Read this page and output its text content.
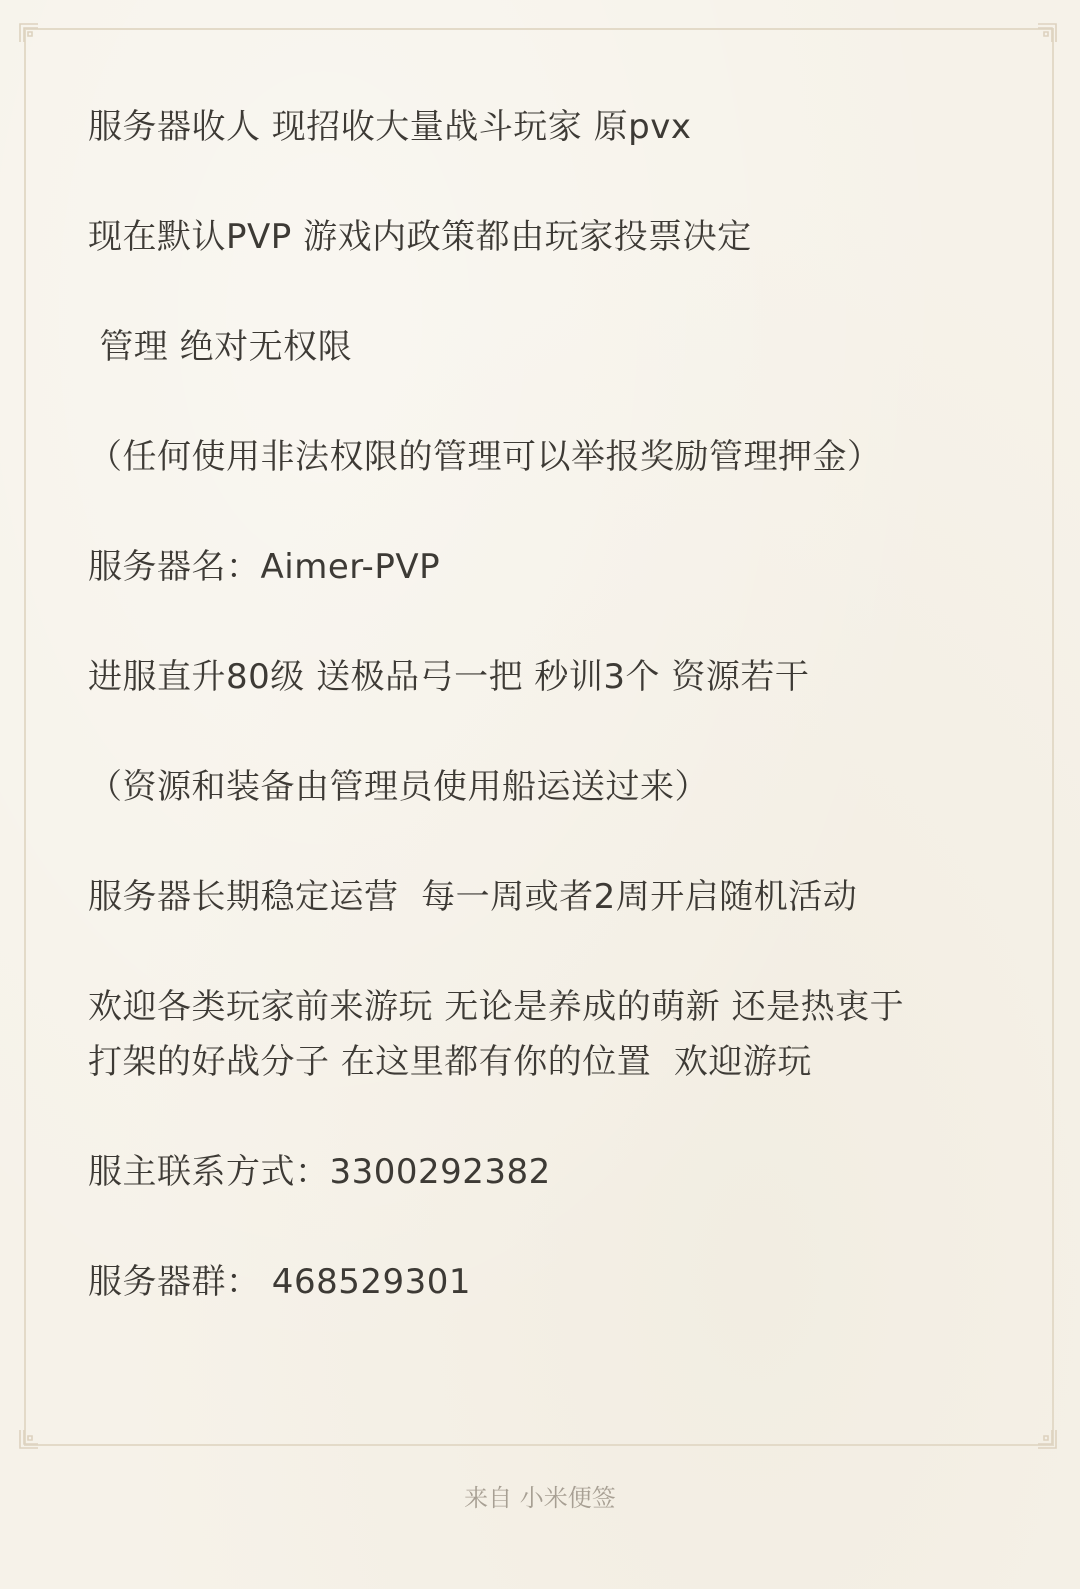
服务器收人 现招收大量战斗玩家 原pvx

现在默认PVP 游戏内政策都由玩家投票决定

管理 绝对无权限

（任何使用非法权限的管理可以举报奖励管理押金）

服务器名：Aimer-PVP

进服直升80级 送极品弓一把 秒训3个 资源若干

（资源和装备由管理员使用船运送过来）

服务器长期稳定运营  每一周或者2周开启随机活动

欢迎各类玩家前来游玩 无论是养成的萌新 还是热衷于

打架的好战分子 在这里都有你的位置  欢迎游玩

服主联系方式：3300292382

服务器群： 468529301

来自 小米便签
